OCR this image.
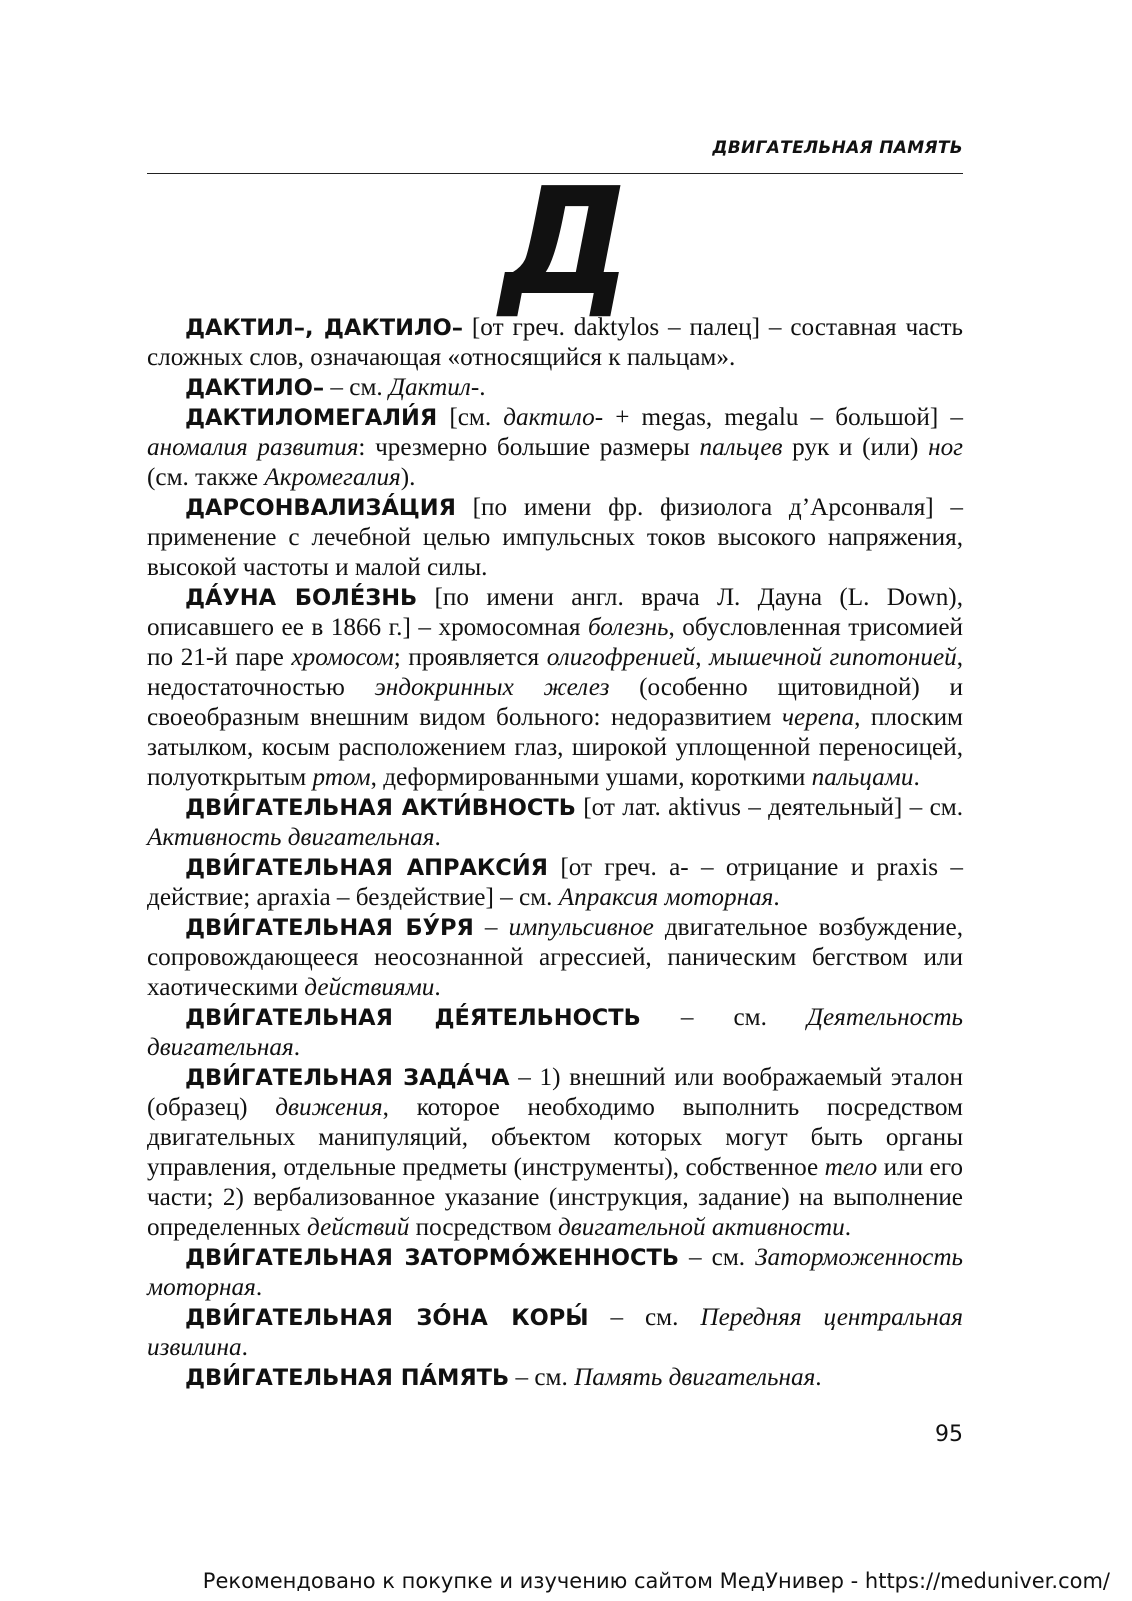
ДВИГАТЕЛЬНАЯ ПАМЯТЬ
Д

ДАКТИЛ–, ДАКТИЛО– [от греч. daktylos – палец] – составная часть сложных слов, означающая «относящийся к пальцам».

ДАКТИЛО– – см. Дактил-.

ДАКТИЛОМЕГАЛИ́Я [см. дактило- + megas, megalu – большой] – аномалия развития: чрезмерно большие размеры пальцев рук и (или) ног (см. также Акромегалия).

ДАРСОНВАЛИЗА́ЦИЯ [по имени фр. физиолога д’Арсонваля] – применение с лечебной целью импульсных токов высокого напряжения, высокой частоты и малой силы.

ДА́УНА БОЛЕ́ЗНЬ [по имени англ. врача Л. Дауна (L. Down), описавшего ее в 1866 г.] – хромосомная болезнь, обусловленная трисомией по 21-й паре хромосом; проявляется олигофренией, мышечной гипотонией, недостаточностью эндокринных желез (особенно щитовидной) и своеобразным внешним видом больного: недоразвитием черепа, плоским затылком, косым расположением глаз, широкой уплощенной переносицей, полуоткрытым ртом, деформированными ушами, короткими пальцами.

ДВИ́ГАТЕЛЬНАЯ АКТИ́ВНОСТЬ [от лат. aktivus – деятельный] – см. Активность двигательная.

ДВИ́ГАТЕЛЬНАЯ АПРАКСИ́Я [от греч. a- – отрицание и praxis – действие; apraxia – бездействие] – см. Апраксия моторная.

ДВИ́ГАТЕЛЬНАЯ БУ́РЯ – импульсивное двигательное возбуждение, сопровождающееся неосознанной агрессией, паническим бегством или хаотическими действиями.

ДВИ́ГАТЕЛЬНАЯ ДЕ́ЯТЕЛЬНОСТЬ – см. Деятельность двигательная.

ДВИ́ГАТЕЛЬНАЯ ЗАДА́ЧА – 1) внешний или воображаемый эталон (образец) движения, которое необходимо выполнить посредством двигательных манипуляций, объектом которых могут быть органы управления, отдельные предметы (инструменты), собственное тело или его части; 2) вербализованное указание (инструкция, задание) на выполнение определенных действий посредством двигательной активности.

ДВИ́ГАТЕЛЬНАЯ ЗАТОРМО́ЖЕННОСТЬ – см. Заторможенность моторная.

ДВИ́ГАТЕЛЬНАЯ ЗО́НА КОРЫ́ – см. Передняя центральная извилина.

ДВИ́ГАТЕЛЬНАЯ ПА́МЯТЬ – см. Память двигательная.

95
Рекомендовано к покупке и изучению сайтом МедУнивер - https://meduniver.com/
